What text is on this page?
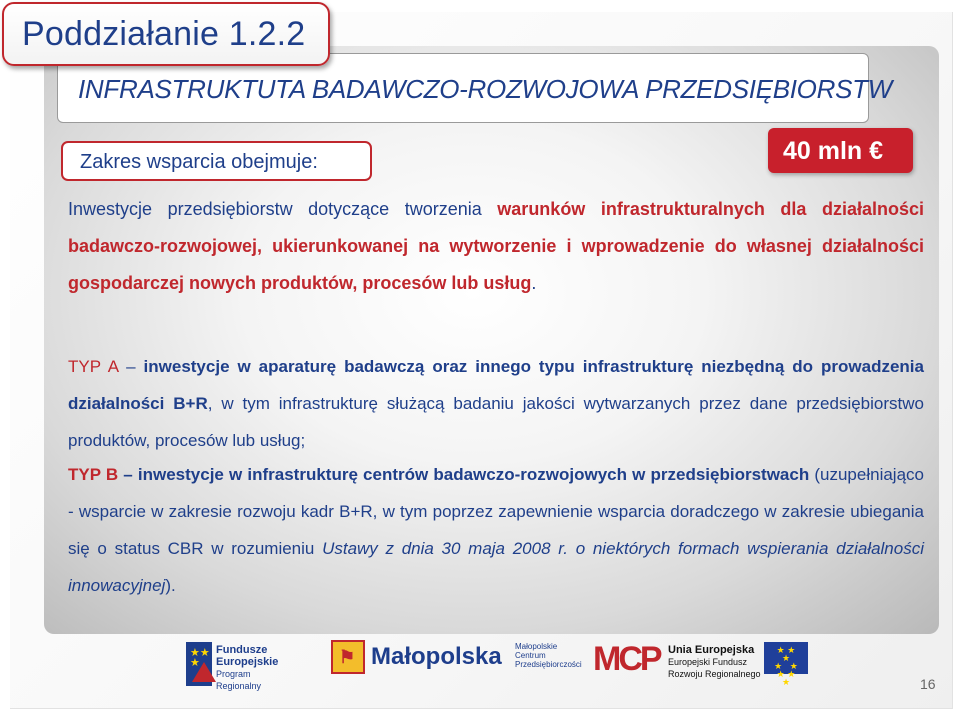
INFRASTRUKTUTA BADAWCZO-ROZWOJOWA PRZEDSIĘBIORSTW
Poddziałanie 1.2.2
Zakres wsparcia obejmuje:	40 mln €
Inwestycje przedsiębiorstw dotyczące tworzenia warunków infrastrukturalnych dla działalności badawczo-rozwojowej, ukierunkowanej na wytworzenie i wprowadzenie do własnej działalności gospodarczej nowych produktów, procesów lub usług.
TYP A – inwestycje w aparaturę badawczą oraz innego typu infrastrukturę niezbędną do prowadzenia działalności B+R, w tym infrastrukturę służącą badaniu jakości wytwarzanych przez dane przedsiębiorstwo produktów, procesów lub usług;
TYP B – inwestycje w infrastrukturę centrów badawczo-rozwojowych w przedsiębiorstwach (uzupełniająco - wsparcie w zakresie rozwoju kadr B+R, w tym poprzez zapewnienie wsparcia doradczego w zakresie ubiegania się o status CBR w rozumieniu Ustawy z dnia 30 maja 2008 r. o niektórych formach wspierania działalności innowacyjnej).
★★
★
Fundusze
Europejskie
Program Regionalny
⚑ Małopolska Małopolskie
Centrum
Przedsiębiorczości MCP Unia Europejska
Europejski Fundusz
Rozwoju Regionalnego
★ ★ ★
★   ★
★ ★ ★	16
